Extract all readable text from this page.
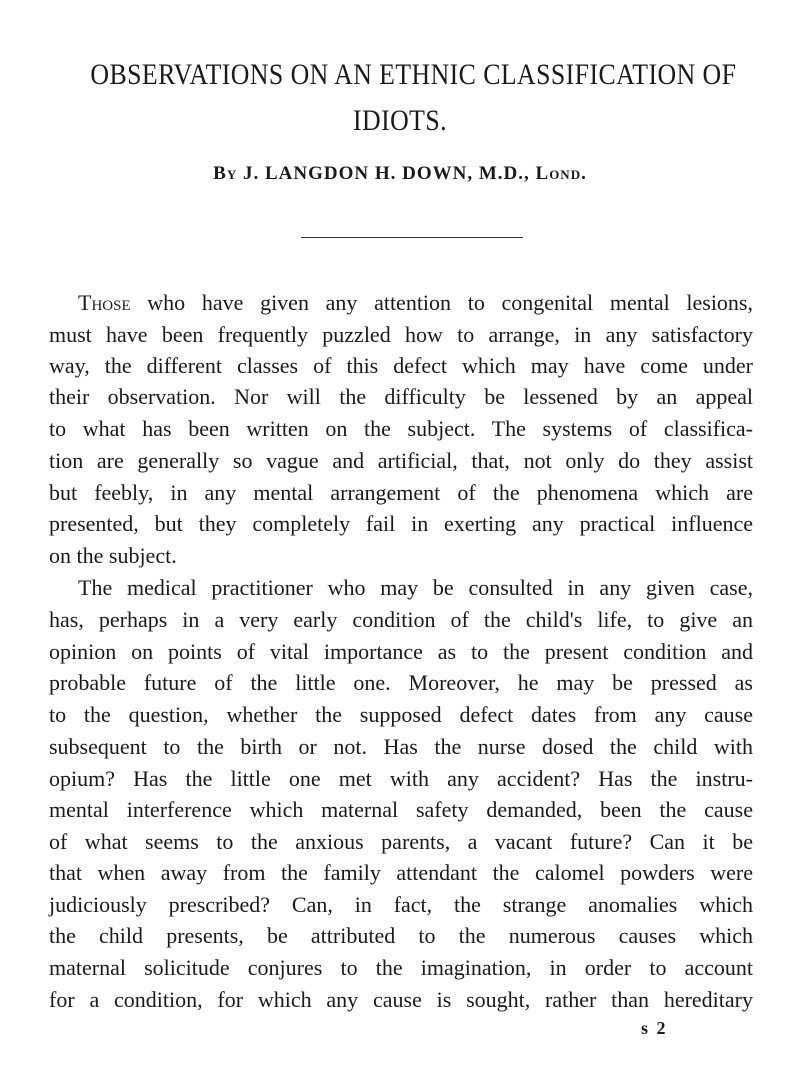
OBSERVATIONS ON AN ETHNIC CLASSIFICATION OF
IDIOTS.
By J. LANGDON H. DOWN, M.D., Lond.
Those who have given any attention to congenital mental lesions,
must have been frequently puzzled how to arrange, in any satisfactory
way, the different classes of this defect which may have come under
their observation. Nor will the difficulty be lessened by an appeal
to what has been written on the subject. The systems of classifica-
tion are generally so vague and artificial, that, not only do they assist
but feebly, in any mental arrangement of the phenomena which are
presented, but they completely fail in exerting any practical influence
on the subject.
The medical practitioner who may be consulted in any given case,
has, perhaps in a very early condition of the child's life, to give an
opinion on points of vital importance as to the present condition and
probable future of the little one. Moreover, he may be pressed as
to the question, whether the supposed defect dates from any cause
subsequent to the birth or not. Has the nurse dosed the child with
opium? Has the little one met with any accident? Has the instru-
mental interference which maternal safety demanded, been the cause
of what seems to the anxious parents, a vacant future? Can it be
that when away from the family attendant the calomel powders were
judiciously prescribed? Can, in fact, the strange anomalies which
the child presents, be attributed to the numerous causes which
maternal solicitude conjures to the imagination, in order to account
for a condition, for which any cause is sought, rather than hereditary
s 2
